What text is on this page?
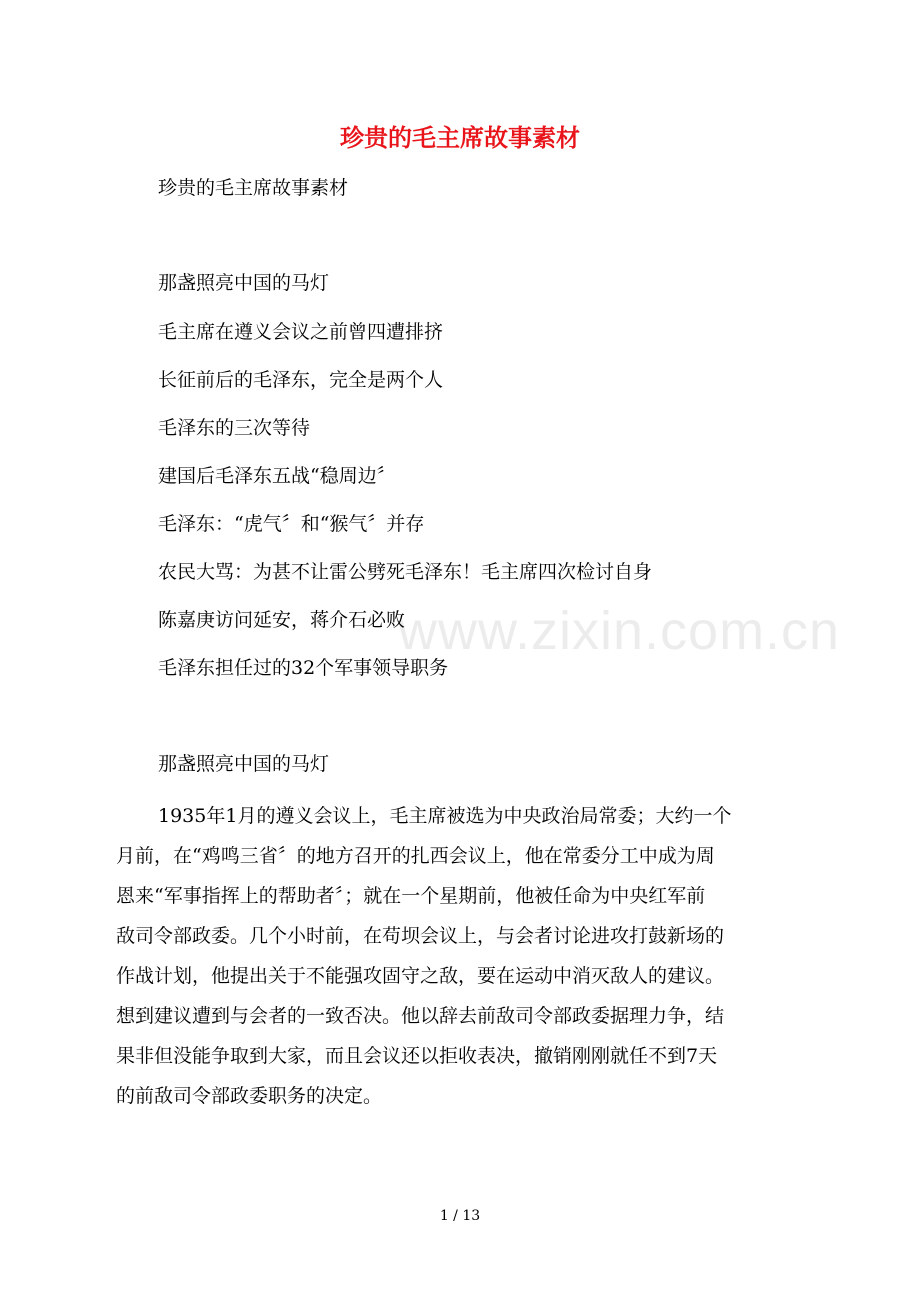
珍贵的毛主席故事素材
珍贵的毛主席故事素材
那盏照亮中国的马灯
毛主席在遵义会议之前曾四遭排挤
长征前后的毛泽东，完全是两个人
毛泽东的三次等待
建国后毛泽东五战“稳周边〞
毛泽东：“虎气〞和“猴气〞并存
农民大骂：为甚不让雷公劈死毛泽东！毛主席四次检讨自身
陈嘉庚访问延安，蒋介石必败
毛泽东担任过的32个军事领导职务
www.zixin.com.cn
那盏照亮中国的马灯
1935年1月的遵义会议上，毛主席被选为中央政治局常委；大约一个
月前，在“鸡鸣三省〞的地方召开的扎西会议上，他在常委分工中成为周
恩来“军事指挥上的帮助者〞；就在一个星期前，他被任命为中央红军前
敌司令部政委。几个小时前，在苟坝会议上，与会者讨论进攻打鼓新场的
作战计划，他提出关于不能强攻固守之敌，要在运动中消灭敌人的建议。
想到建议遭到与会者的一致否决。他以辞去前敌司令部政委据理力争，结
果非但没能争取到大家，而且会议还以拒收表决，撤销刚刚就任不到7天
的前敌司令部政委职务的决定。
1 / 13
